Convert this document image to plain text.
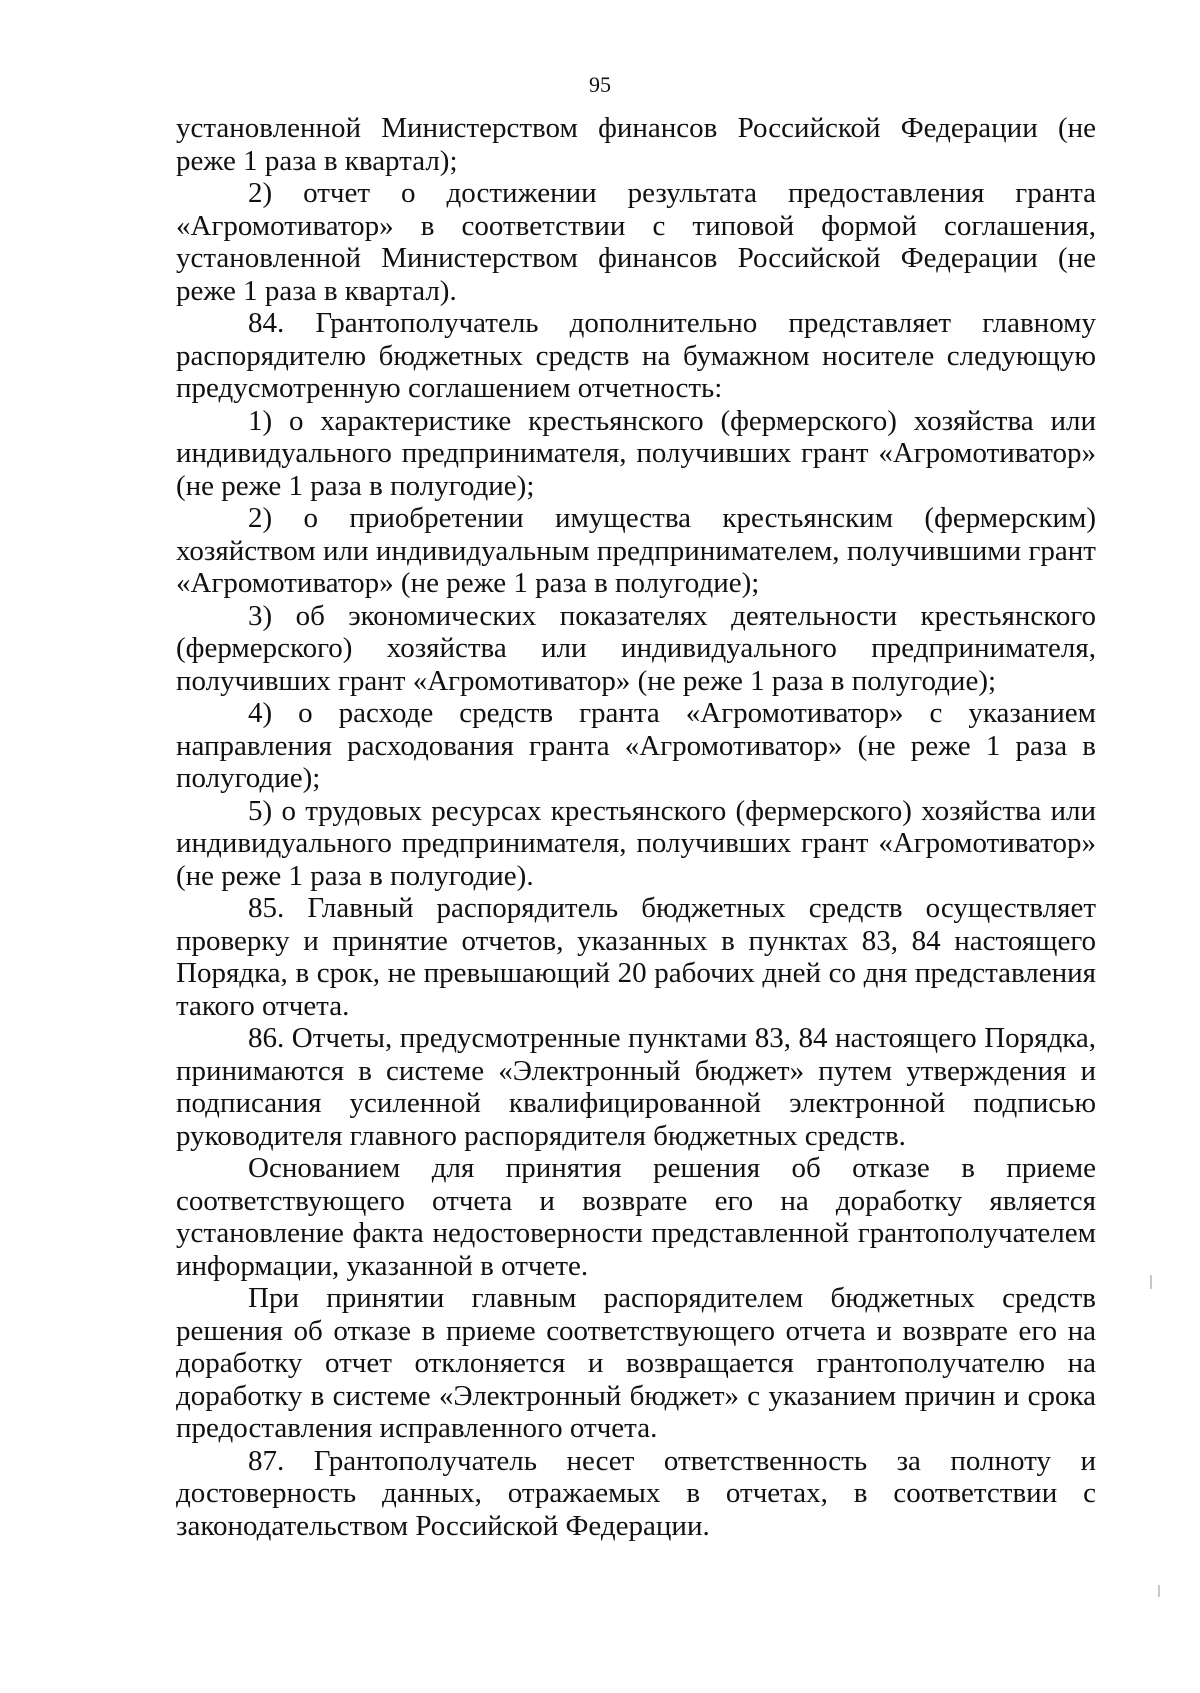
95

установленной Министерством финансов Российской Федерации (не реже 1 раза в квартал);

2) отчет о достижении результата предоставления гранта «Агромотиватор» в соответствии с типовой формой соглашения, установленной Министерством финансов Российской Федерации (не реже 1 раза в квартал).

84. Грантополучатель дополнительно представляет главному распорядителю бюджетных средств на бумажном носителе следующую предусмотренную соглашением отчетность:

1) о характеристике крестьянского (фермерского) хозяйства или индивидуального предпринимателя, получивших грант «Агромотиватор» (не реже 1 раза в полугодие);

2) о приобретении имущества крестьянским (фермерским) хозяйством или индивидуальным предпринимателем, получившими грант «Агромотиватор» (не реже 1 раза в полугодие);

3) об экономических показателях деятельности крестьянского (фермерского) хозяйства или индивидуального предпринимателя, получивших грант «Агромотиватор» (не реже 1 раза в полугодие);

4) о расходе средств гранта «Агромотиватор» с указанием направления расходования гранта «Агромотиватор» (не реже 1 раза в полугодие);

5) о трудовых ресурсах крестьянского (фермерского) хозяйства или индивидуального предпринимателя, получивших грант «Агромотиватор» (не реже 1 раза в полугодие).

85. Главный распорядитель бюджетных средств осуществляет проверку и принятие отчетов, указанных в пунктах 83, 84 настоящего Порядка, в срок, не превышающий 20 рабочих дней со дня представления такого отчета.

86. Отчеты, предусмотренные пунктами 83, 84 настоящего Порядка, принимаются в системе «Электронный бюджет» путем утверждения и подписания усиленной квалифицированной электронной подписью руководителя главного распорядителя бюджетных средств.

Основанием для принятия решения об отказе в приеме соответствующего отчета и возврате его на доработку является установление факта недостоверности представленной грантополучателем информации, указанной в отчете.

При принятии главным распорядителем бюджетных средств решения об отказе в приеме соответствующего отчета и возврате его на доработку отчет отклоняется и возвращается грантополучателю на доработку в системе «Электронный бюджет» с указанием причин и срока предоставления исправленного отчета.

87. Грантополучатель несет ответственность за полноту и достоверность данных, отражаемых в отчетах, в соответствии с законодательством Российской Федерации.
